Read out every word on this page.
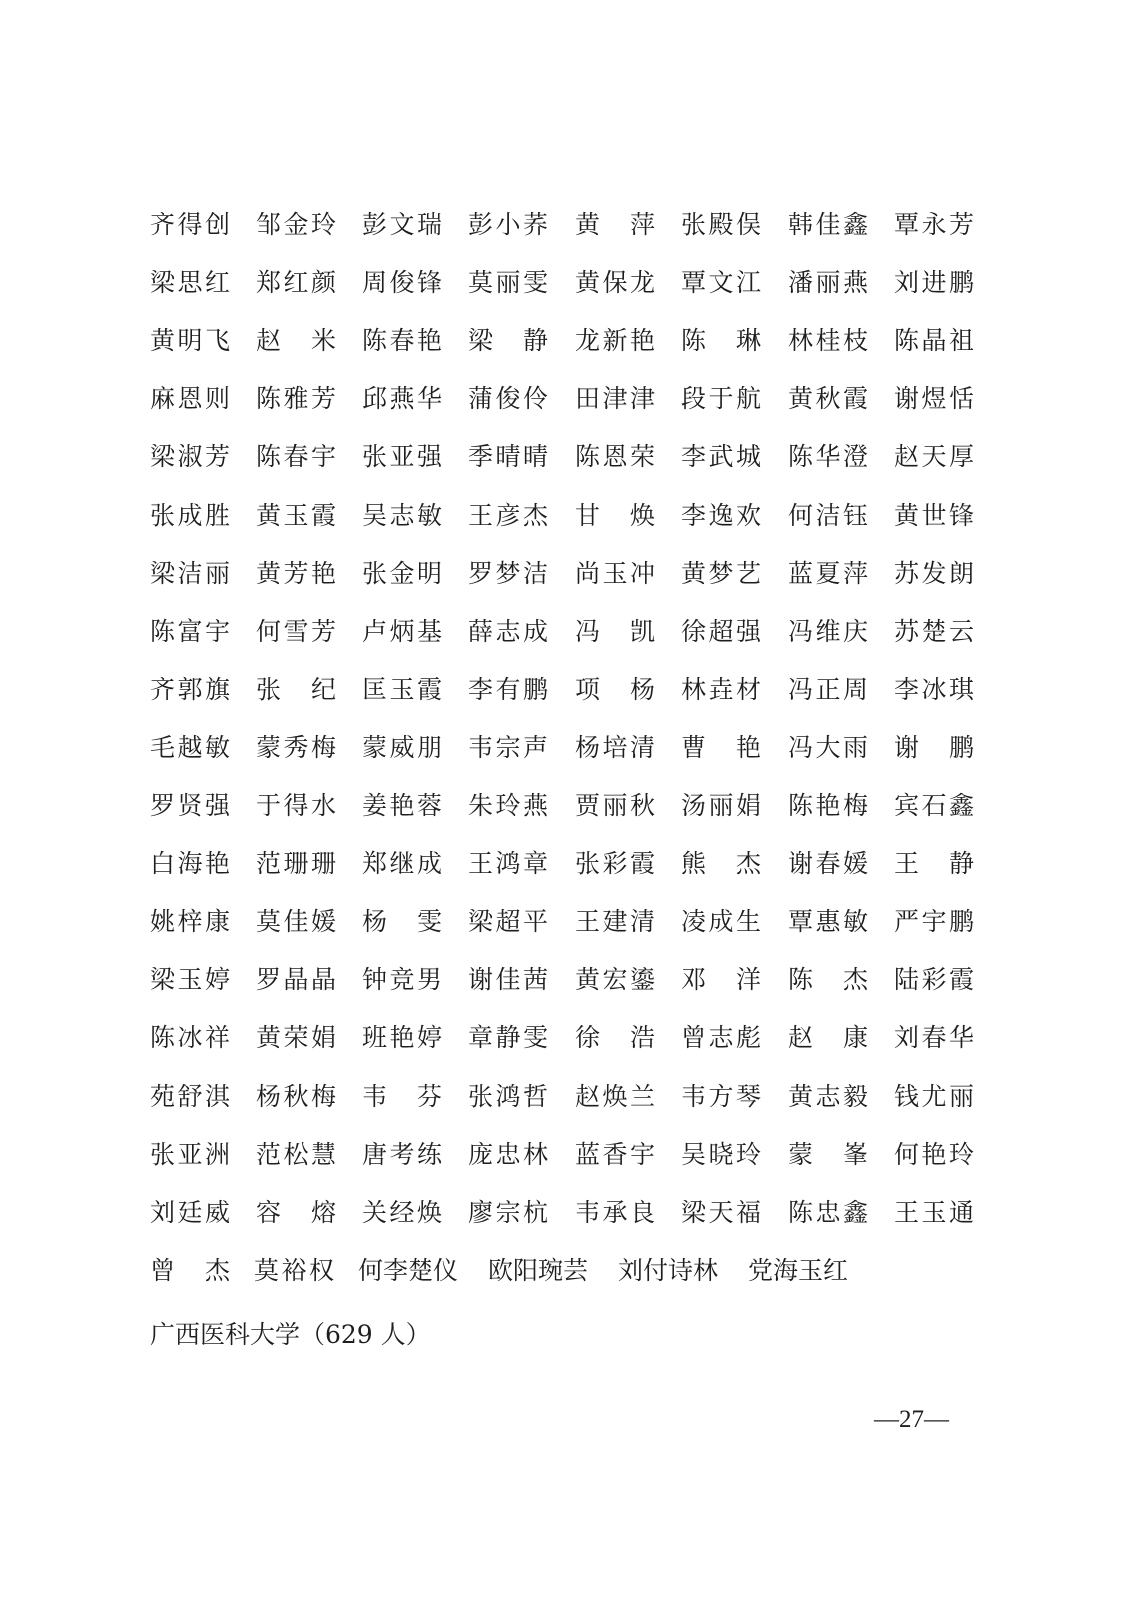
齐得创 邹金玲 彭文瑞 彭小荞 黄　萍 张殿俣 韩佳鑫 覃永芳
梁思红 郑红颜 周俊锋 莫丽雯 黄保龙 覃文江 潘丽燕 刘进鹏
黄明飞 赵　米 陈春艳 梁　静 龙新艳 陈　琳 林桂枝 陈晶祖
麻恩则 陈雅芳 邱燕华 蒲俊伶 田津津 段于航 黄秋霞 谢煜恬
梁淑芳 陈春宇 张亚强 季晴晴 陈恩荣 李武城 陈华澄 赵天厚
张成胜 黄玉霞 吴志敏 王彦杰 甘　焕 李逸欢 何洁钰 黄世锋
梁洁丽 黄芳艳 张金明 罗梦洁 尚玉冲 黄梦艺 蓝夏萍 苏发朗
陈富宇 何雪芳 卢炳基 薛志成 冯　凯 徐超强 冯维庆 苏楚云
齐郭旗 张　纪 匡玉霞 李有鹏 项　杨 林垚材 冯正周 李冰琪
毛越敏 蒙秀梅 蒙威朋 韦宗声 杨培清 曹　艳 冯大雨 谢　鹏
罗贤强 于得水 姜艳蓉 朱玲燕 贾丽秋 汤丽娟 陈艳梅 宾石鑫
白海艳 范珊珊 郑继成 王鸿章 张彩霞 熊　杰 谢春媛 王　静
姚梓康 莫佳媛 杨　雯 梁超平 王建清 凌成生 覃惠敏 严宇鹏
梁玉婷 罗晶晶 钟竞男 谢佳茜 黄宏鎏 邓　洋 陈　杰 陆彩霞
陈冰祥 黄荣娟 班艳婷 章静雯 徐　浩 曾志彪 赵　康 刘春华
苑舒淇 杨秋梅 韦　芬 张鸿哲 赵焕兰 韦方琴 黄志毅 钱尤丽
张亚洲 范松慧 唐考练 庞忠林 蓝香宇 吴晓玲 蒙　峯 何艳玲
刘廷威 容　熔 关经焕 廖宗杭 韦承良 梁天福 陈忠鑫 王玉通
曾　杰 莫裕权 何李楚仪 欧阳琬芸 刘付诗林 党海玉红
广西医科大学（629 人）
—27—
